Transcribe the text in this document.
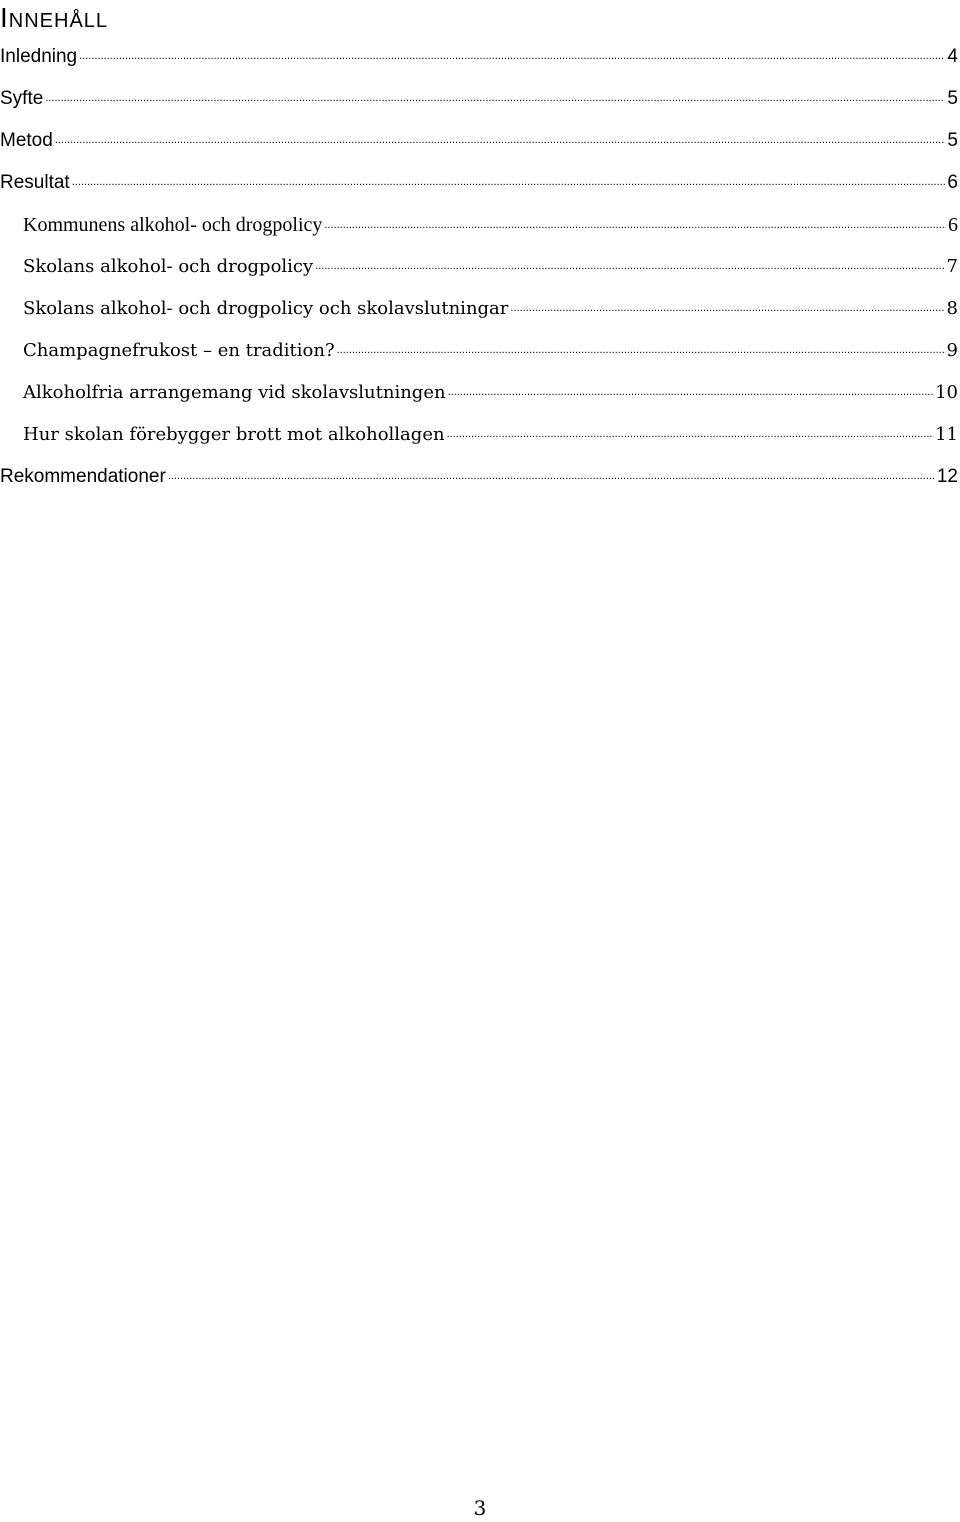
Innehåll
Inledning .....	4
Syfte .....	5
Metod .....	5
Resultat .....	6
Kommunens alkohol- och drogpolicy .....	6
Skolans alkohol- och drogpolicy .....	7
Skolans alkohol- och drogpolicy och skolavslutningar .....	8
Champagnefrukost – en tradition? .....	9
Alkoholfria arrangemang vid skolavslutningen .....	10
Hur skolan förebygger brott mot alkohollagen .....	11
Rekommendationer .....	12
3
